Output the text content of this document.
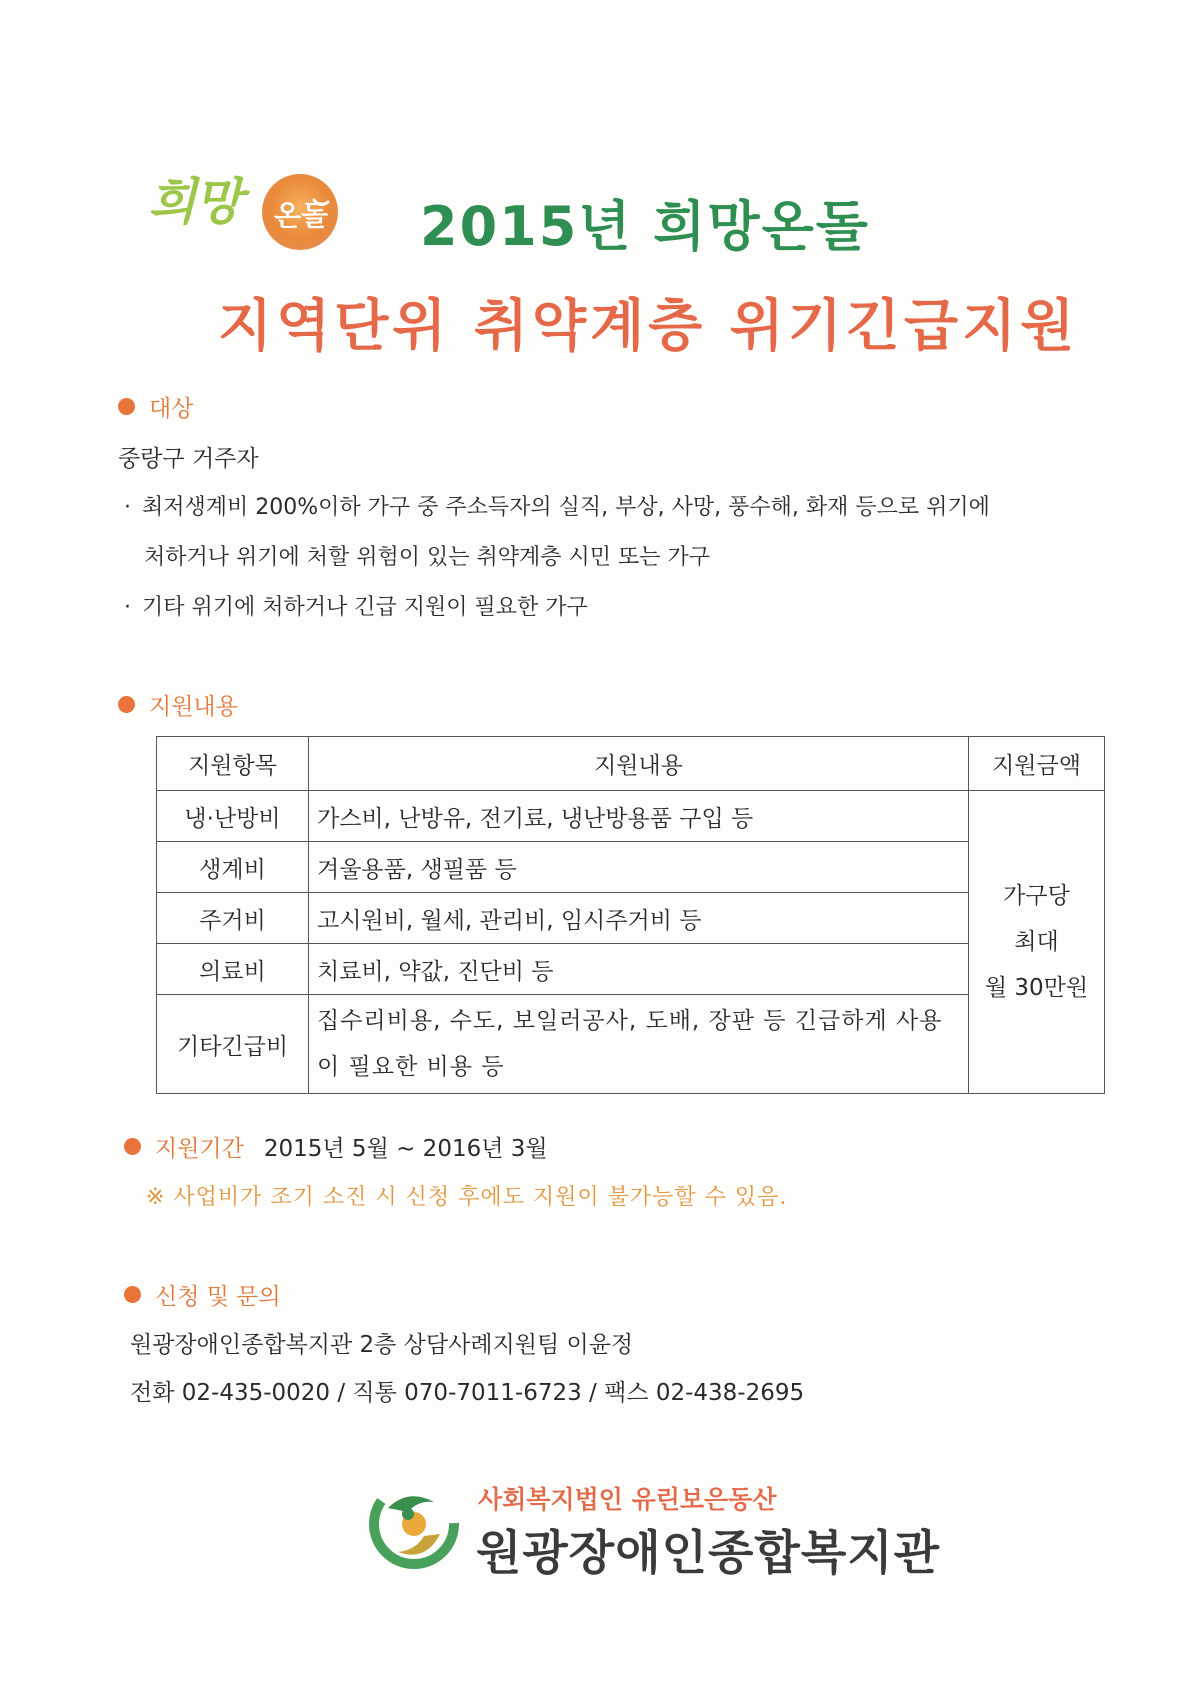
희망 온돌 2015년 희망온돌
지역단위 취약계층 위기긴급지원
대상
중랑구 거주자
· 최저생계비 200%이하 가구 중 주소득자의 실직, 부상, 사망, 풍수해, 화재 등으로 위기에
처하거나 위기에 처할 위험이 있는 취약계층 시민 또는 가구
· 기타 위기에 처하거나 긴급 지원이 필요한 가구
지원내용
지원항목	지원내용	지원금액
냉·난방비	가스비, 난방유, 전기료, 냉난방용품 구입 등	가구당
최대
월 30만원

생계비	겨울용품, 생필품 등	
주거비	고시원비, 월세, 관리비, 임시주거비 등	
의료비	치료비, 약값, 진단비 등	
기타긴급비	집수리비용, 수도, 보일러공사, 도배, 장판 등 긴급하게 사용
이 필요한 비용 등	
지원기간 2015년 5월 ~ 2016년 3월
※ 사업비가 조기 소진 시 신청 후에도 지원이 불가능할 수 있음.
신청 및 문의
원광장애인종합복지관 2층 상담사례지원팀 이윤정
전화 02-435-0020 / 직통 070-7011-6723 / 팩스 02-438-2695
사회복지법인 유린보은동산
원광장애인종합복지관
